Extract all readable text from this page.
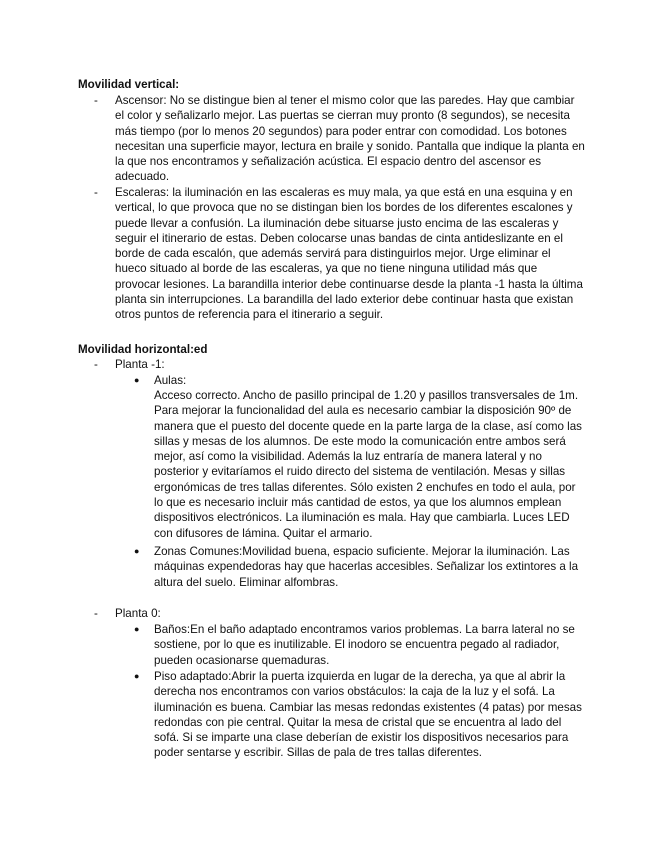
Movilidad vertical:
- Ascensor: No se distingue bien al tener el mismo color que las paredes. Hay que cambiar el color y señalizarlo mejor. Las puertas se cierran muy pronto (8 segundos), se necesita más tiempo (por lo menos 20 segundos) para poder entrar con comodidad. Los botones necesitan una superficie mayor, lectura en braile y sonido. Pantalla que indique la planta en la que nos encontramos y señalización acústica. El espacio dentro del ascensor es adecuado.

- Escaleras: la iluminación en las escaleras es muy mala, ya que está en una esquina y en vertical, lo que provoca que no se distingan bien los bordes de los diferentes escalones y puede llevar a confusión. La iluminación debe situarse justo encima de las escaleras y seguir el itinerario de estas. Deben colocarse unas bandas de cinta antideslizante en el borde de cada escalón, que además servirá para distinguirlos mejor. Urge eliminar el hueco situado al borde de las escaleras, ya que no tiene ninguna utilidad más que provocar lesiones. La barandilla interior debe continuarse desde la planta -1 hasta la última planta sin interrupciones. La barandilla del lado exterior debe continuar hasta que existan otros puntos de referencia para el itinerario a seguir.

Movilidad horizontal:ed
- Planta -1:
● Aulas:

Acceso correcto. Ancho de pasillo principal de 1.20 y pasillos transversales de 1m. Para mejorar la funcionalidad del aula es necesario cambiar la disposición 90º de manera que el puesto del docente quede en la parte larga de la clase, así como las sillas y mesas de los alumnos. De este modo la comunicación entre ambos será mejor, así como la visibilidad. Además la luz entraría de manera lateral y no posterior y evitaríamos el ruido directo del sistema de ventilación. Mesas y sillas ergonómicas de tres tallas diferentes. Sólo existen 2 enchufes en todo el aula, por lo que es necesario incluir más cantidad de estos, ya que los alumnos emplean dispositivos electrónicos. La iluminación es mala. Hay que cambiarla. Luces LED con difusores de lámina. Quitar el armario.

● Zonas Comunes:Movilidad buena, espacio suficiente. Mejorar la iluminación. Las máquinas expendedoras hay que hacerlas accesibles. Señalizar los extintores a la altura del suelo. Eliminar alfombras.

- Planta 0:
● Baños:En el baño adaptado encontramos varios problemas. La barra lateral no se sostiene, por lo que es inutilizable. El inodoro se encuentra pegado al radiador, pueden ocasionarse quemaduras.

● Piso adaptado:Abrir la puerta izquierda en lugar de la derecha, ya que al abrir la derecha nos encontramos con varios obstáculos: la caja de la luz y el sofá. La iluminación es buena. Cambiar las mesas redondas existentes (4 patas) por mesas redondas con pie central. Quitar la mesa de cristal que se encuentra al lado del sofá. Si se imparte una clase deberían de existir los dispositivos necesarios para poder sentarse y escribir. Sillas de pala de tres tallas diferentes.
